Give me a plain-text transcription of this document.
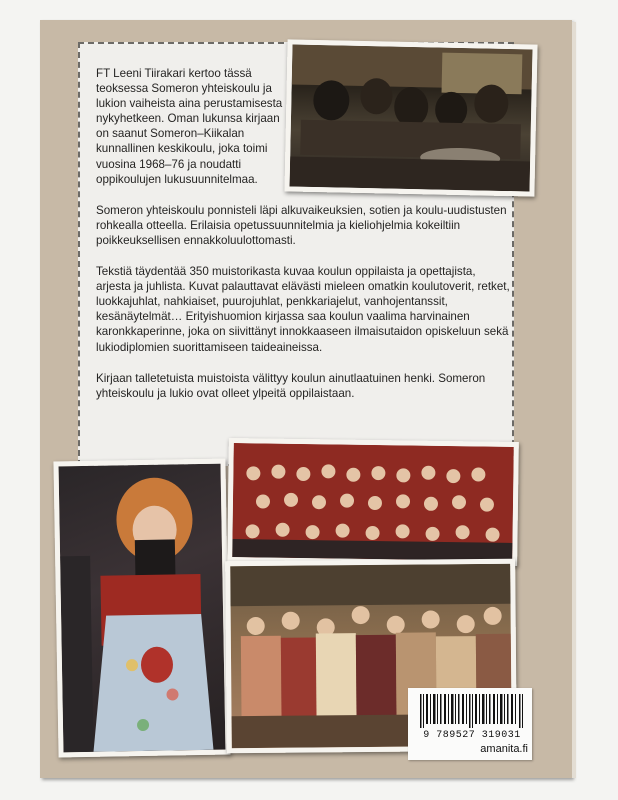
FT Leeni Tiirakari kertoo tässä teoksessa Someron yhteiskoulu ja lukion vaiheista aina perustamisesta nykyhetkeen. Oman lukunsa kirjaan on saanut Someron–Kiikalan kunnallinen keskikoulu, joka toimi vuosina 1968–76 ja noudatti oppikoulujen lukusuunnitelmaa.

Someron yhteiskoulu ponnisteli läpi alkuvaikeuksien, sotien ja koulu-uudistusten rohkealla otteella. Erilaisia opetussuunnitelmia ja kieliohjelmia kokeiltiin poikkeuksellisen ennakkoluulottomasti.

Tekstiä täydentää 350 muistorikasta kuvaa koulun oppilaista ja opettajista, arjesta ja juhlista. Kuvat palauttavat elävästi mieleen omatkin koulutoverit, retket, luokkajuhlat, nahkiaiset, puurojuhlat, penkkariajelut, vanhojentanssit, kesänäytelmät… Erityishuomion kirjassa saa koulun vaalima harvinainen karonkkaperinne, joka on siivittänyt innokkaaseen ilmaisutaidon opiskeluun sekä lukiodiplomien suorittamiseen taideaineissa.

Kirjaan talletetuista muistoista välittyy koulun ainutlaatuinen henki. Someron yhteiskoulu ja lukio ovat olleet ylpeitä oppilaistaan.

9 789527 319031
amanita.fi
